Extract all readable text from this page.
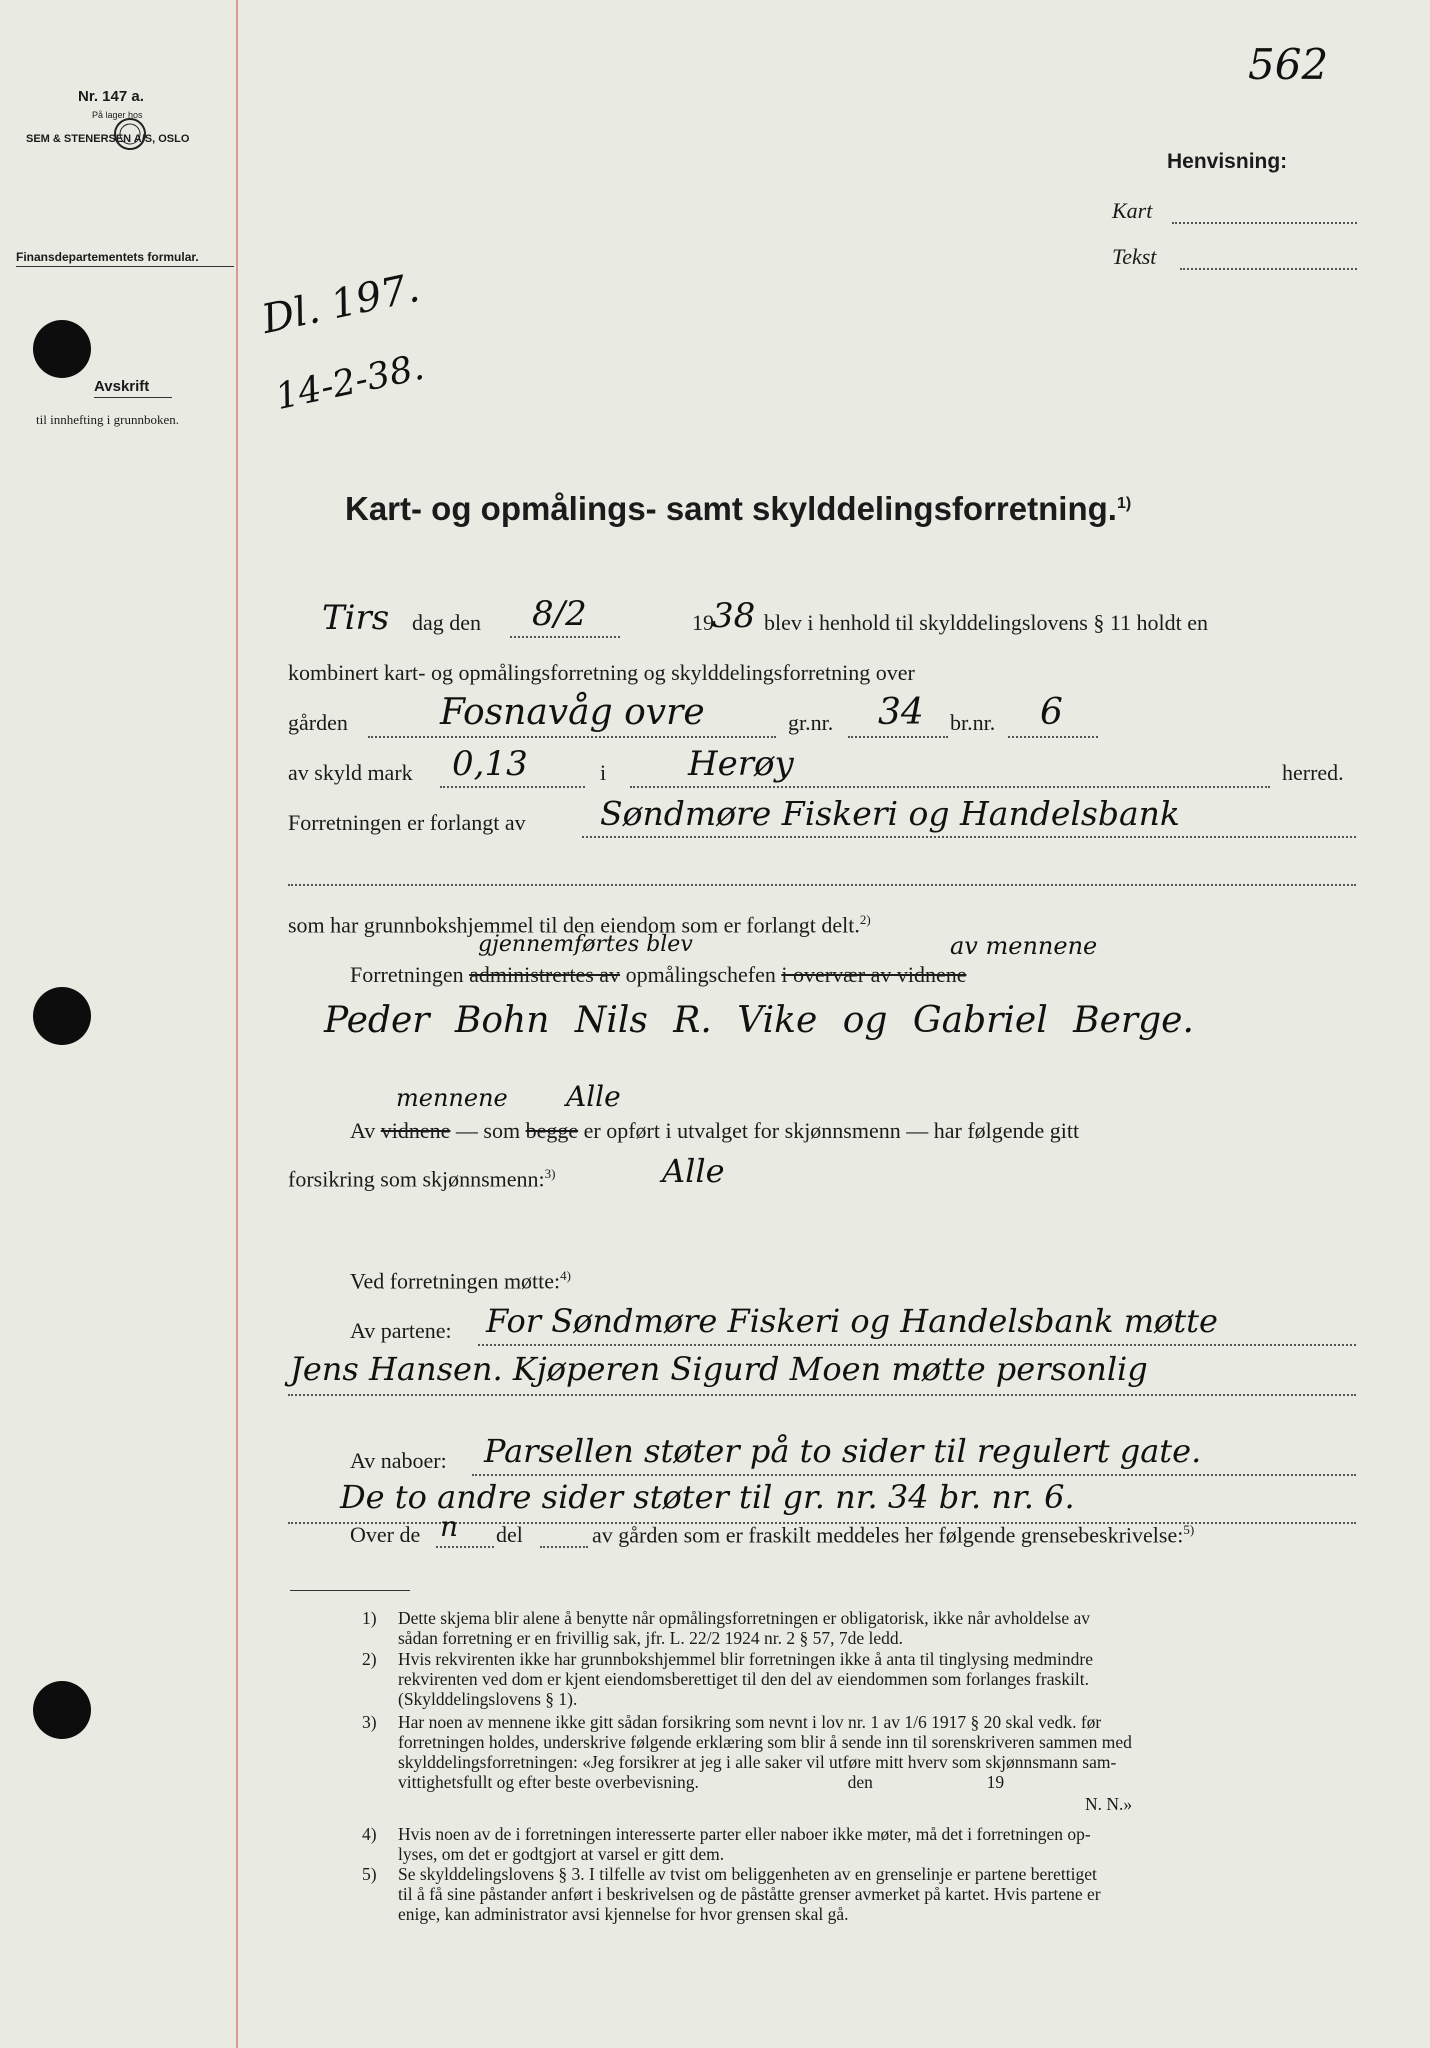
Nr. 147 a.
På lager hos
SEM & STENERSEN A/S, OSLO
Finansdepartementets formular.
Avskrift
til innhefting i grunnboken.
562
Henvisning:
Kart
Tekst
Dl. 197.
14-2-38.
Kart- og opmålings- samt skylddelingsforretning.$^{1)}$
Tirs dag den 8/2	19
38 blev i henhold til skylddelingslovens § 11 holdt en
kombinert kart- og opmålingsforretning og skylddelingsforretning over
gården	Fosnavåg ovre	gr.nr. 34 br.nr. 6
av skyld mark 0,13	i Herøy	herred.
Forretningen er forlangt av Søndmøre Fiskeri og Handelsbank
som har grunnbokshjemmel til den eiendom som er forlangt delt.$^{2)}$
gjennemførtes blev	av mennene
Forretningen administrertes av opmålingschefen i overvær av vidnene
Peder Bohn Nils R. Vike og Gabriel Berge.
mennene Alle
Av vidnene — som begge er opført i utvalget for skjønnsmenn — har følgende gitt
forsikring som skjønnsmenn:$^{3)}$	Alle
Ved forretningen møtte:$^{4)}$
Av partene: For Søndmøre Fiskeri og Handelsbank møtte
Jens Hansen. Kjøperen Sigurd Moen møtte personlig
Av naboer: Parsellen støter på to sider til regulert gate.
De to andre sider støter til gr. nr. 34 br. nr. 6.
Over de n del	av gården som er fraskilt meddeles her følgende grensebeskrivelse:$^{5)}$
1) Dette skjema blir alene å benytte når opmålingsforretningen er obligatorisk, ikke når avholdelse av
sådan forretning er en frivillig sak, jfr. L. 22/2 1924 nr. 2 § 57, 7de ledd.
2) Hvis rekvirenten ikke har grunnbokshjemmel blir forretningen ikke å anta til tinglysing medmindre
rekvirenten ved dom er kjent eiendomsberettiget til den del av eiendommen som forlanges fraskilt.
(Skylddelingslovens § 1).
3) Har noen av mennene ikke gitt sådan forsikring som nevnt i lov nr. 1 av 1/6 1917 § 20 skal vedk. før
forretningen holdes, underskrive følgende erklæring som blir å sende inn til sorenskriveren sammen med
skylddelingsforretningen: «Jeg forsikrer at jeg i alle saker vil utføre mitt hverv som skjønnsmann sam-
vittighetsfullt og efter beste overbevisning.                                  den                          19
N. N.»
4) Hvis noen av de i forretningen interesserte parter eller naboer ikke møter, må det i forretningen op-
lyses, om det er godtgjort at varsel er gitt dem.
5) Se skylddelingslovens § 3. I tilfelle av tvist om beliggenheten av en grenselinje er partene berettiget
til å få sine påstander anført i beskrivelsen og de påståtte grenser avmerket på kartet. Hvis partene er
enige, kan administrator avsi kjennelse for hvor grensen skal gå.
